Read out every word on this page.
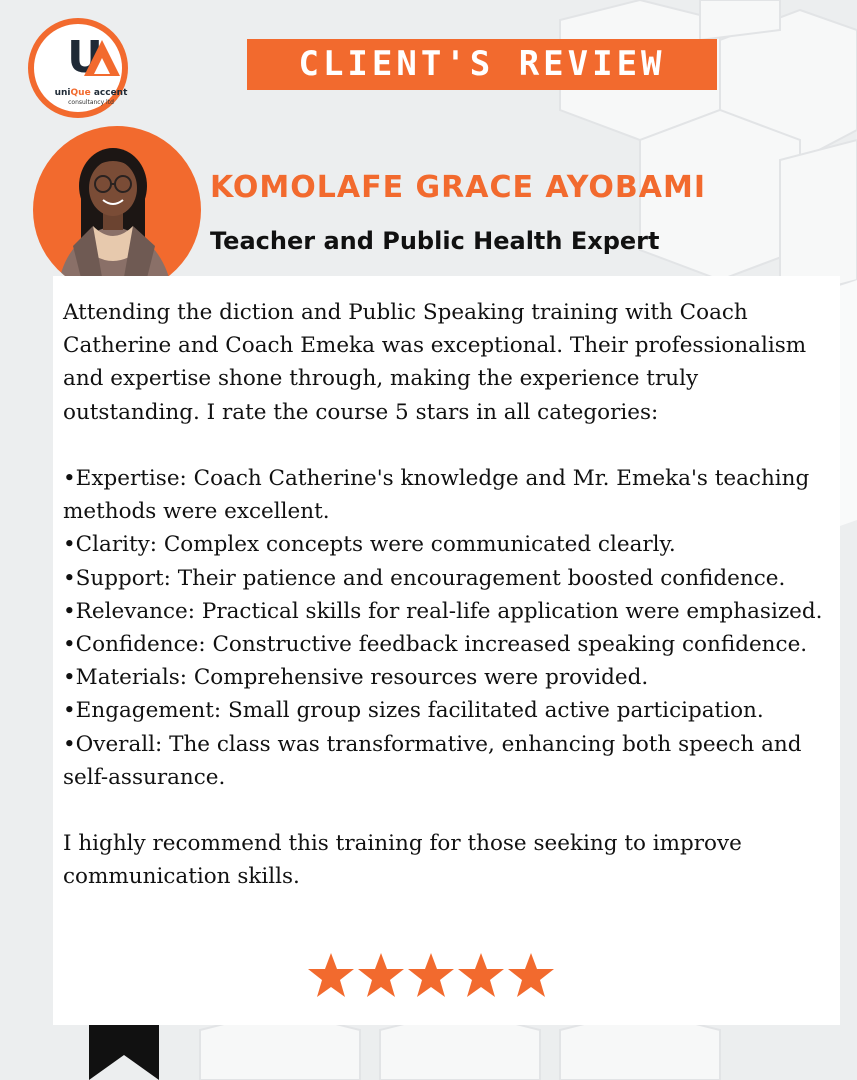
U
uniQue accent
consultancy ltd
CLIENT'S REVIEW
KOMOLAFE GRACE AYOBAMI
Teacher and Public Health Expert

Attending the diction and Public Speaking training with Coach Catherine and Coach Emeka was exceptional. Their professionalism and expertise shone through, making the experience truly outstanding. I rate the course 5 stars in all categories:

•Expertise: Coach Catherine's knowledge and Mr. Emeka's teaching methods were excellent.

•Clarity: Complex concepts were communicated clearly.

•Support: Their patience and encouragement boosted confidence.

•Relevance: Practical skills for real-life application were emphasized.

•Confidence: Constructive feedback increased speaking confidence.

•Materials: Comprehensive resources were provided.

•Engagement: Small group sizes facilitated active participation.

•Overall: The class was transformative, enhancing both speech and self-assurance.

I highly recommend this training for those seeking to improve communication skills.
